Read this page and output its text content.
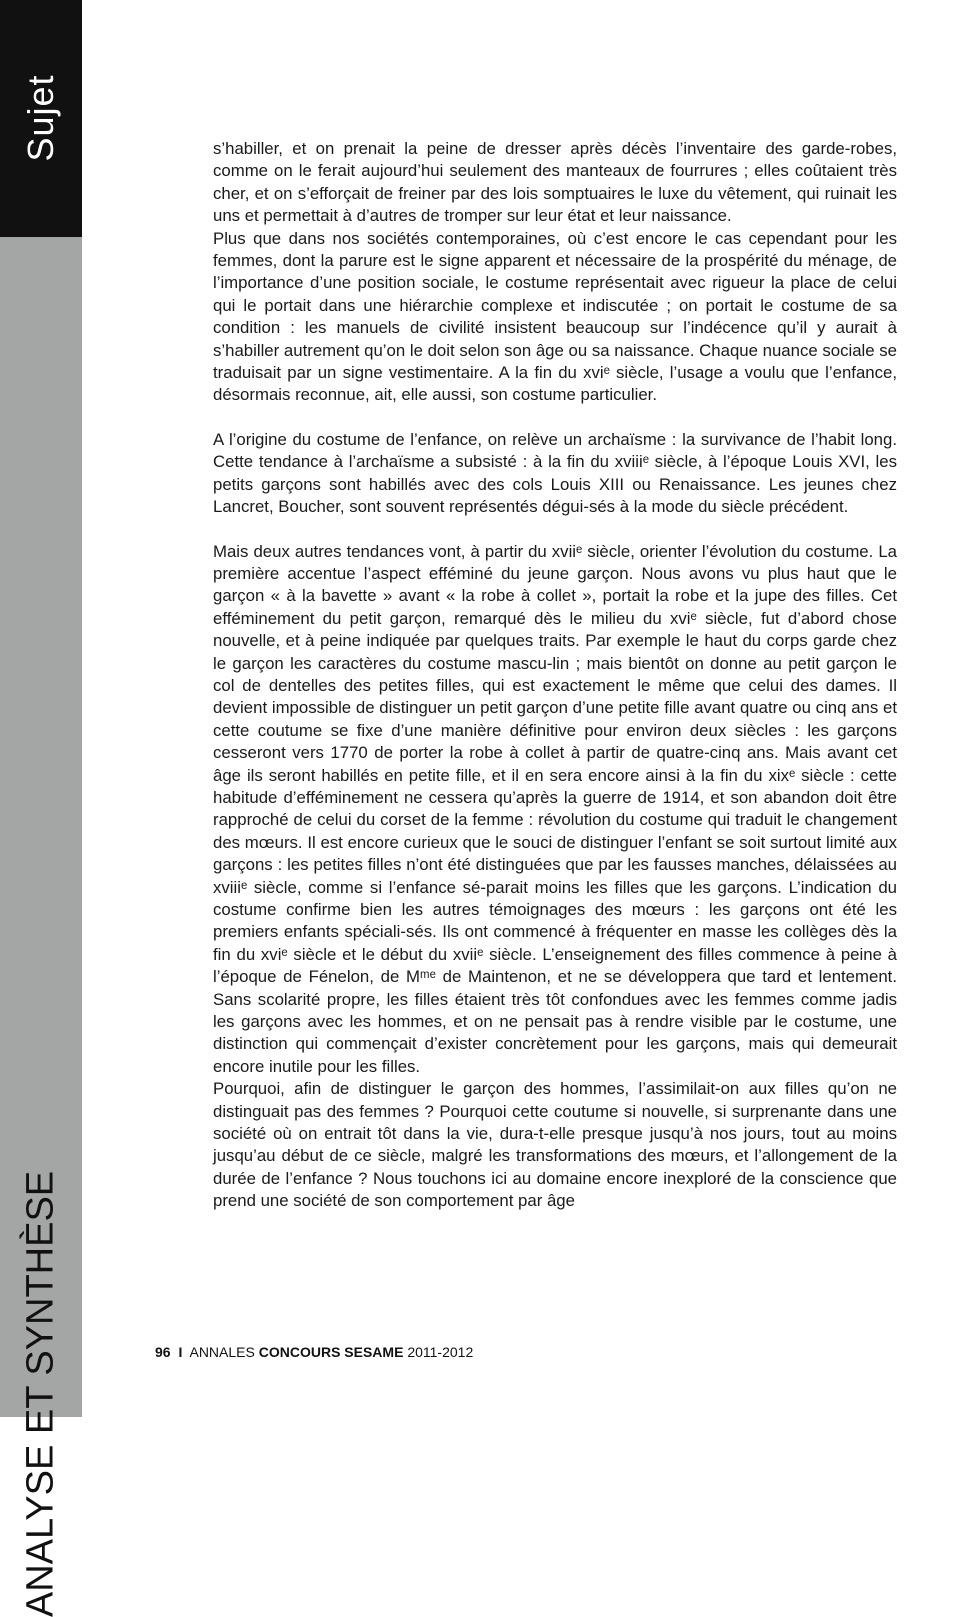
Sujet
ANALYSE ET SYNTHÈSE

s’habiller, et on prenait la peine de dresser après décès l’inventaire des garde-robes, comme on le ferait aujourd’hui seulement des manteaux de fourrures ; elles coûtaient très cher, et on s’efforçait de freiner par des lois somptuaires le luxe du vêtement, qui ruinait les uns et permettait à d’autres de tromper sur leur état et leur naissance.

Plus que dans nos sociétés contemporaines, où c’est encore le cas cependant pour les femmes, dont la parure est le signe apparent et nécessaire de la prospérité du ménage, de l’importance d’une position sociale, le costume représentait avec rigueur la place de celui qui le portait dans une hiérarchie complexe et indiscutée ; on portait le costume de sa condition : les manuels de civilité insistent beaucoup sur l’indécence qu’il y aurait à s’habiller autrement qu’on le doit selon son âge ou sa naissance. Chaque nuance sociale se traduisait par un signe vestimentaire. A la fin du xviᵉ siècle, l’usage a voulu que l’enfance, désormais reconnue, ait, elle aussi, son costume particulier.

A l’origine du costume de l’enfance, on relève un archaïsme : la survivance de l’habit long. Cette tendance à l’archaïsme a subsisté : à la fin du xviiiᵉ siècle, à l’époque Louis XVI, les petits garçons sont habillés avec des cols Louis XIII ou Renaissance. Les jeunes chez Lancret, Boucher, sont souvent représentés dégui-sés à la mode du siècle précédent.

Mais deux autres tendances vont, à partir du xviiᵉ siècle, orienter l’évolution du costume. La première accentue l’aspect efféminé du jeune garçon. Nous avons vu plus haut que le garçon « à la bavette » avant « la robe à collet », portait la robe et la jupe des filles. Cet efféminement du petit garçon, remarqué dès le milieu du xviᵉ siècle, fut d’abord chose nouvelle, et à peine indiquée par quelques traits. Par exemple le haut du corps garde chez le garçon les caractères du costume mascu-lin ; mais bientôt on donne au petit garçon le col de dentelles des petites filles, qui est exactement le même que celui des dames. Il devient impossible de distinguer un petit garçon d’une petite fille avant quatre ou cinq ans et cette coutume se fixe d’une manière définitive pour environ deux siècles : les garçons cesseront vers 1770 de porter la robe à collet à partir de quatre-cinq ans. Mais avant cet âge ils seront habillés en petite fille, et il en sera encore ainsi à la fin du xixᵉ siècle : cette habitude d’efféminement ne cessera qu’après la guerre de 1914, et son abandon doit être rapproché de celui du corset de la femme : révolution du costume qui traduit le changement des mœurs. Il est encore curieux que le souci de distinguer l’enfant se soit surtout limité aux garçons : les petites filles n’ont été distinguées que par les fausses manches, délaissées au xviiiᵉ siècle, comme si l’enfance sé-parait moins les filles que les garçons. L’indication du costume confirme bien les autres témoignages des mœurs : les garçons ont été les premiers enfants spéciali-sés. Ils ont commencé à fréquenter en masse les collèges dès la fin du xviᵉ siècle et le début du xviiᵉ siècle. L’enseignement des filles commence à peine à l’époque de Fénelon, de Mᵐᵉ de Maintenon, et ne se développera que tard et lentement. Sans scolarité propre, les filles étaient très tôt confondues avec les femmes comme jadis les garçons avec les hommes, et on ne pensait pas à rendre visible par le costume, une distinction qui commençait d’exister concrètement pour les garçons, mais qui demeurait encore inutile pour les filles.

Pourquoi, afin de distinguer le garçon des hommes, l’assimilait-on aux filles qu’on ne distinguait pas des femmes ? Pourquoi cette coutume si nouvelle, si surprenante dans une société où on entrait tôt dans la vie, dura-t-elle presque jusqu’à nos jours, tout au moins jusqu’au début de ce siècle, malgré les transformations des mœurs, et l’allongement de la durée de l’enfance ? Nous touchons ici au domaine encore inexploré de la conscience que prend une société de son comportement par âge

96 I ANNALES CONCOURS SESAME 2011-2012
